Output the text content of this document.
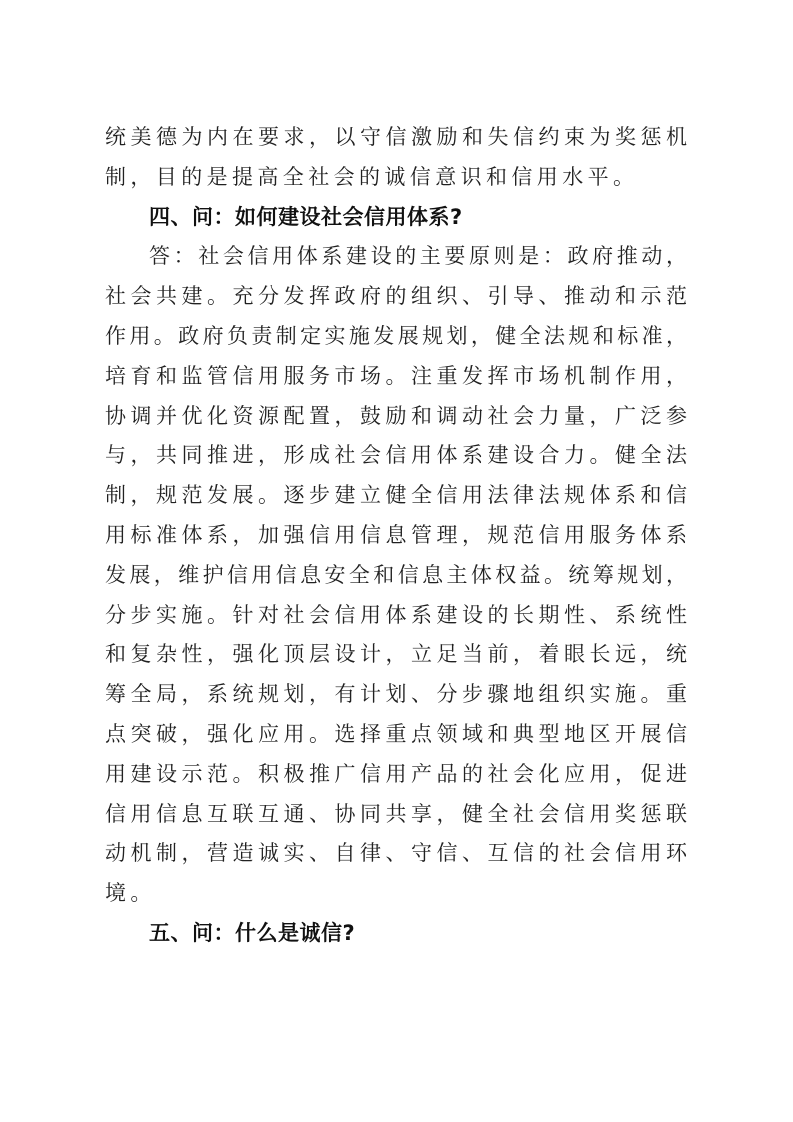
统美德为内在要求，以守信激励和失信约束为奖惩机
制，目的是提高全社会的诚信意识和信用水平。
四、问：如何建设社会信用体系?
答：社会信用体系建设的主要原则是：政府推动，
社会共建。充分发挥政府的组织、引导、推动和示范
作用。政府负责制定实施发展规划，健全法规和标准，
培育和监管信用服务市场。注重发挥市场机制作用，
协调并优化资源配置，鼓励和调动社会力量，广泛参
与，共同推进，形成社会信用体系建设合力。健全法
制，规范发展。逐步建立健全信用法律法规体系和信
用标准体系，加强信用信息管理，规范信用服务体系
发展，维护信用信息安全和信息主体权益。统筹规划，
分步实施。针对社会信用体系建设的长期性、系统性
和复杂性，强化顶层设计，立足当前，着眼长远，统
筹全局，系统规划，有计划、分步骤地组织实施。重
点突破，强化应用。选择重点领域和典型地区开展信
用建设示范。积极推广信用产品的社会化应用，促进
信用信息互联互通、协同共享，健全社会信用奖惩联
动机制，营造诚实、自律、守信、互信的社会信用环
境。
五、问：什么是诚信?
